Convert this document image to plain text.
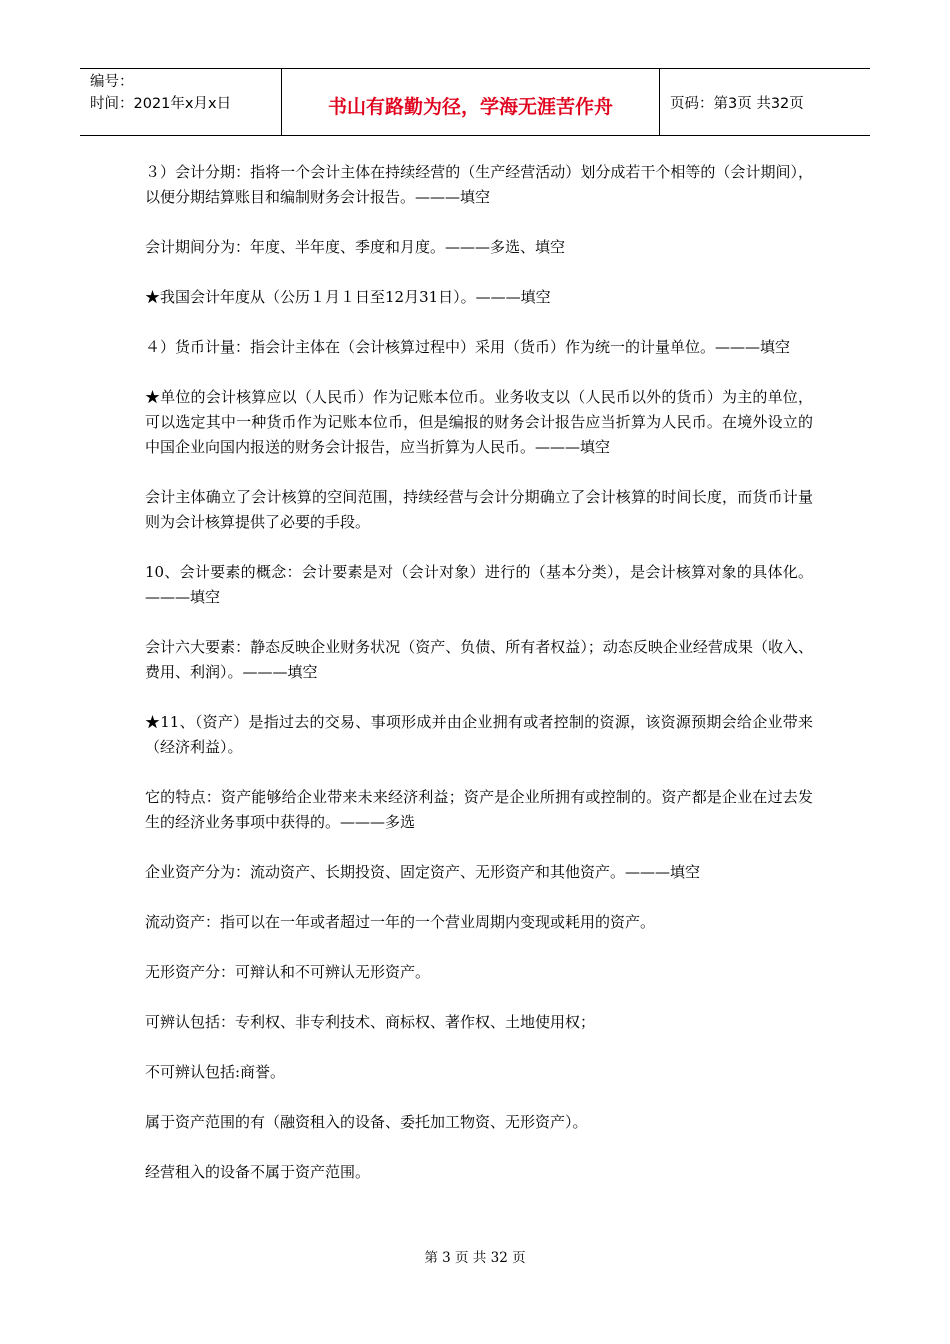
编号：
时间：2021年x月x日	书山有路勤为径，学海无涯苦作舟	页码：第3页 共32页

３）会计分期：指将一个会计主体在持续经营的（生产经营活动）划分成若干个相等的（会计期间），以便分期结算账目和编制财务会计报告。———填空

会计期间分为：年度、半年度、季度和月度。———多选、填空

★我国会计年度从（公历１月１日至12月31日）。———填空

４）货币计量：指会计主体在（会计核算过程中）采用（货币）作为统一的计量单位。———填空

★单位的会计核算应以（人民币）作为记账本位币。业务收支以（人民币以外的货币）为主的单位，可以选定其中一种货币作为记账本位币，但是编报的财务会计报告应当折算为人民币。在境外设立的中国企业向国内报送的财务会计报告，应当折算为人民币。———填空

会计主体确立了会计核算的空间范围，持续经营与会计分期确立了会计核算的时间长度，而货币计量则为会计核算提供了必要的手段。

10、会计要素的概念：会计要素是对（会计对象）进行的（基本分类），是会计核算对象的具体化。———填空

会计六大要素：静态反映企业财务状况（资产、负债、所有者权益）；动态反映企业经营成果（收入、费用、利润）。———填空

★11、（资产）是指过去的交易、事项形成并由企业拥有或者控制的资源，该资源预期会给企业带来（经济利益）。

它的特点：资产能够给企业带来未来经济利益；资产是企业所拥有或控制的。资产都是企业在过去发生的经济业务事项中获得的。———多选

企业资产分为：流动资产、长期投资、固定资产、无形资产和其他资产。———填空

流动资产：指可以在一年或者超过一年的一个营业周期内变现或耗用的资产。

无形资产分：可辩认和不可辨认无形资产。

可辨认包括：专利权、非专利技术、商标权、著作权、土地使用权；

不可辨认包括:商誉。

属于资产范围的有（融资租入的设备、委托加工物资、无形资产）。

经营租入的设备不属于资产范围。

第 3 页 共 32 页
